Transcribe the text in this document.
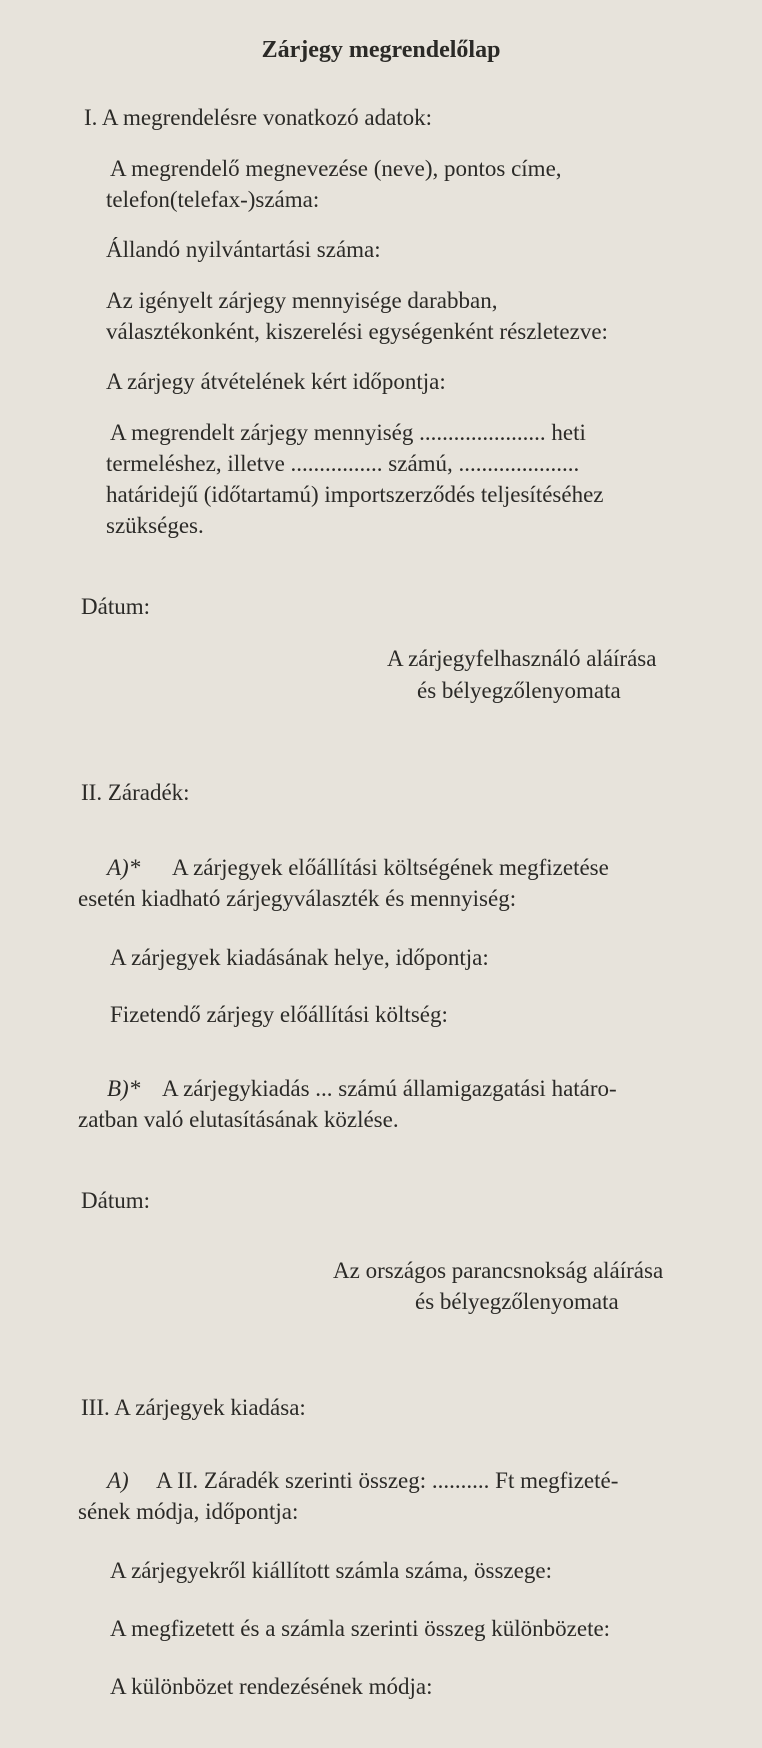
Zárjegy megrendelőlap
I. A megrendelésre vonatkozó adatok:
A megrendelő megnevezése (neve), pontos címe,
telefon(telefax-)száma:
Állandó nyilvántartási száma:
Az igényelt zárjegy mennyisége darabban,
választékonként, kiszerelési egységenként részletezve:
A zárjegy átvételének kért időpontja:
A megrendelt zárjegy mennyiség ...................... heti
termeléshez, illetve ................ számú, .....................
határidejű (időtartamú) importszerződés teljesítéséhez
szükséges.
Dátum:
A zárjegyfelhasználó aláírása
és bélyegzőlenyomata
II. Záradék:
A)* A zárjegyek előállítási költségének megfizetése
esetén kiadható zárjegyválaszték és mennyiség:
A zárjegyek kiadásának helye, időpontja:
Fizetendő zárjegy előállítási költség:
B)* A zárjegykiadás ... számú államigazgatási határo-
zatban való elutasításának közlése.
Dátum:
Az országos parancsnokság aláírása
és bélyegzőlenyomata
III. A zárjegyek kiadása:
A) A II. Záradék szerinti összeg: .......... Ft megfizeté-
sének módja, időpontja:
A zárjegyekről kiállított számla száma, összege:
A megfizetett és a számla szerinti összeg különbözete:
A különbözet rendezésének módja:
